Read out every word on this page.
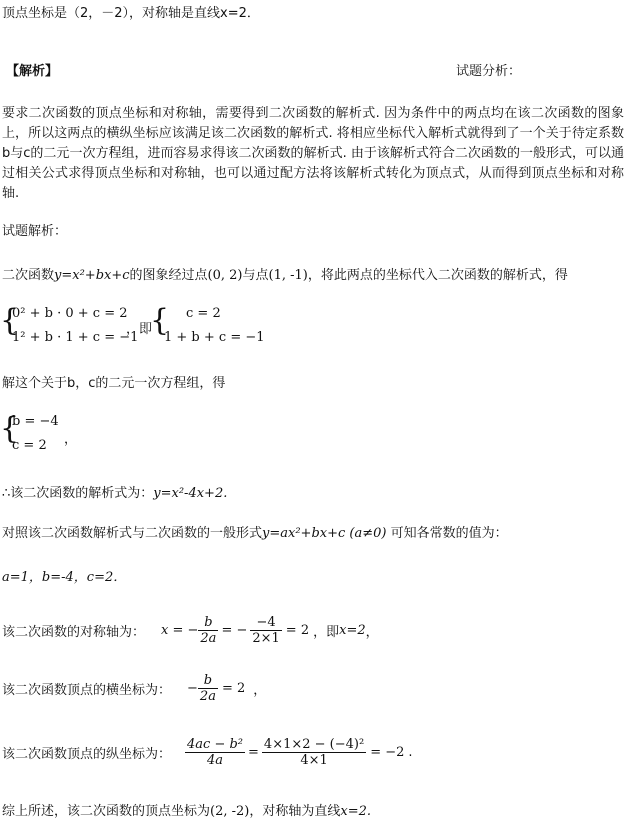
顶点坐标是（2，－2），对称轴是直线x=2．
【解析】	试题分析：
要求二次函数的顶点坐标和对称轴，需要得到二次函数的解析式. 因为条件中的两点均在该二次函数的图象上，所以这两点的横纵坐标应该满足该二次函数的解析式. 将相应坐标代入解析式就得到了一个关于待定系数b与c的二元一次方程组，进而容易求得该二次函数的解析式. 由于该解析式符合二次函数的一般形式，可以通过相关公式求得顶点坐标和对称轴，也可以通过配方法将该解析式转化为顶点式，从而得到顶点坐标和对称轴.
试题解析：
二次函数y=x²+bx+c的图象经过点(0, 2)与点(1, -1)，将此两点的坐标代入二次函数的解析式，得
{
0² + b · 0 + c = 2
1² + b · 1 + c = −1
，即
{ c = 2
1 + b + c = −1
解这个关于b，c的二元一次方程组，得
{
b = −4
c = 2 ，
∴该二次函数的解析式为：y=x²-4x+2.
对照该二次函数解析式与二次函数的一般形式y=ax²+bx+c (a≠0) 可知各常数的值为：
a=1，b=-4，c=2．
该二次函数的对称轴为： x = − $\frac{b}{2a}$ = − $\frac{-4}{2\times 1} = 2$ ，即 x=2 ，
该二次函数顶点的横坐标为： − $\frac{b}{2a} = 2$ ，
该二次函数顶点的纵坐标为： $\frac{\text{4ac − b²}}{4a} = \frac{\text{4×1×2 − (−4)²}}{4\times 1} = -2$ .
综上所述，该二次函数的顶点坐标为(2, -2)，对称轴为直线x=2.
